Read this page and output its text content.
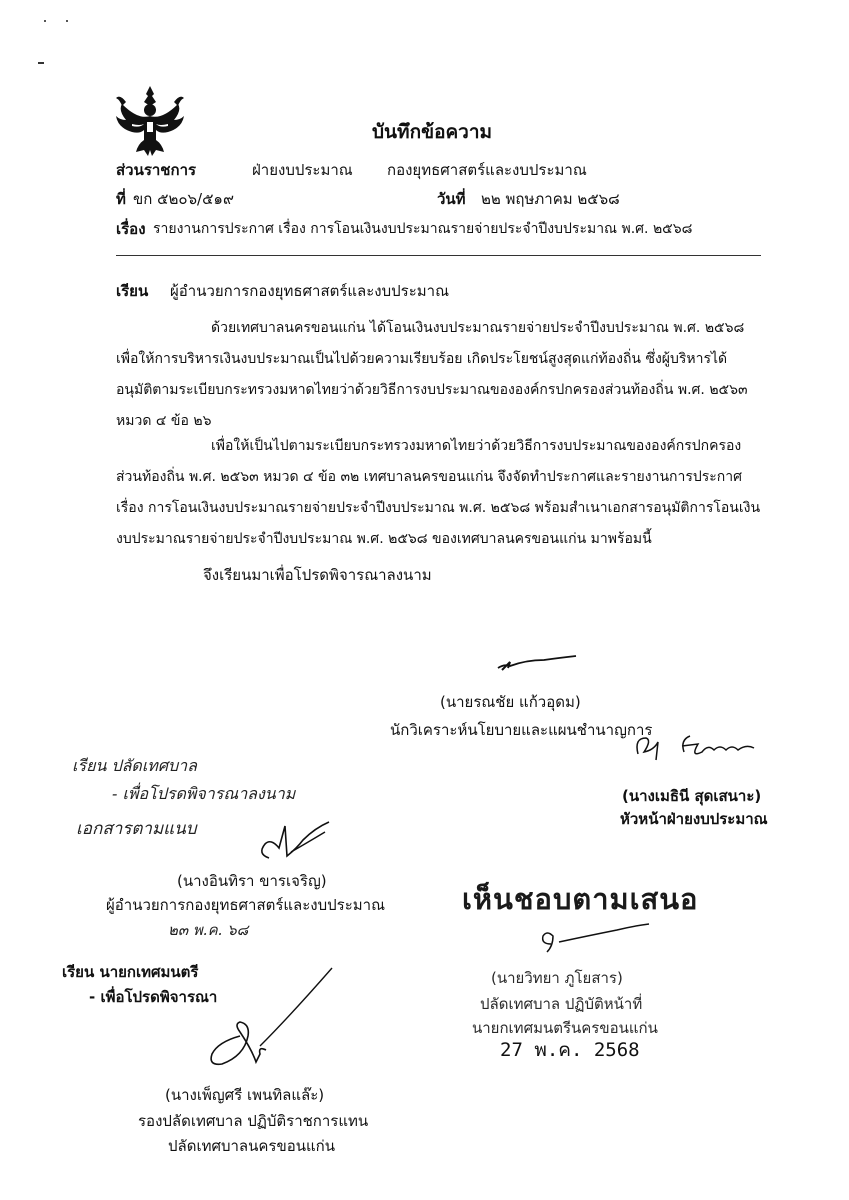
บันทึกข้อความ
ส่วนราชการ	ฝ่ายงบประมาณ กองยุทธศาสตร์และงบประมาณ
ที่ ขก ๕๒๐๖/๕๑๙	วันที่ ๒๒ พฤษภาคม ๒๕๖๘
เรื่อง รายงานการประกาศ เรื่อง การโอนเงินงบประมาณรายจ่ายประจำปีงบประมาณ พ.ศ. ๒๕๖๘
เรียน ผู้อำนวยการกองยุทธศาสตร์และงบประมาณ
ด้วยเทศบาลนครขอนแก่น ได้โอนเงินงบประมาณรายจ่ายประจำปีงบประมาณ พ.ศ. ๒๕๖๘ เพื่อให้การบริหารเงินงบประมาณเป็นไปด้วยความเรียบร้อย เกิดประโยชน์สูงสุดแก่ท้องถิ่น ซึ่งผู้บริหารได้อนุมัติตามระเบียบกระทรวงมหาดไทยว่าด้วยวิธีการงบประมาณขององค์กรปกครองส่วนท้องถิ่น พ.ศ. ๒๕๖๓ หมวด ๔ ข้อ ๒๖
เพื่อให้เป็นไปตามระเบียบกระทรวงมหาดไทยว่าด้วยวิธีการงบประมาณขององค์กรปกครองส่วนท้องถิ่น พ.ศ. ๒๕๖๓ หมวด ๔ ข้อ ๓๒ เทศบาลนครขอนแก่น จึงจัดทำประกาศและรายงานการประกาศ เรื่อง การโอนเงินงบประมาณรายจ่ายประจำปีงบประมาณ พ.ศ. ๒๕๖๘ พร้อมสำเนาเอกสารอนุมัติการโอนเงินงบประมาณรายจ่ายประจำปีงบประมาณ พ.ศ. ๒๕๖๘ ของเทศบาลนครขอนแก่น มาพร้อมนี้
จึงเรียนมาเพื่อโปรดพิจารณาลงนาม
(นายรณชัย แก้วอุดม)
นักวิเคราะห์นโยบายและแผนชำนาญการ
(นางเมธินี สุดเสนาะ)
หัวหน้าฝ่ายงบประมาณ
เรียน ปลัดเทศบาล
- เพื่อโปรดพิจารณาลงนาม
เอกสารตามแนบ
(นางอินทิรา ขารเจริญ)
ผู้อำนวยการกองยุทธศาสตร์และงบประมาณ
๒๓ พ.ค. ๖๘
เห็นชอบตามเสนอ
(นายวิทยา ภูโยสาร)
ปลัดเทศบาล ปฏิบัติหน้าที่
นายกเทศมนตรีนครขอนแก่น
27 พ.ค. 2568
เรียน นายกเทศมนตรี
- เพื่อโปรดพิจารณา
(นางเพ็ญศรี เพนทิลแล๊ะ)
รองปลัดเทศบาล ปฏิบัติราชการแทน
ปลัดเทศบาลนครขอนแก่น
